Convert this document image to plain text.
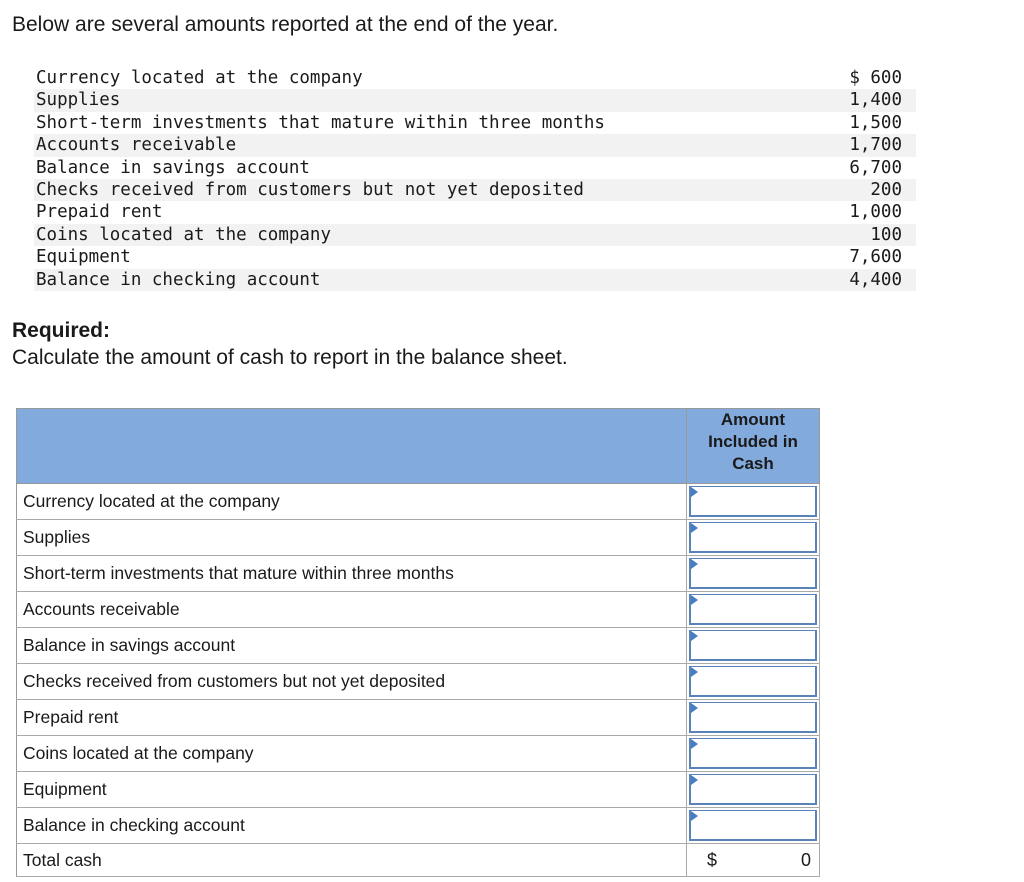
Below are several amounts reported at the end of the year.
Currency located at the company	$ 600
Supplies	1,400
Short-term investments that mature within three months	1,500
Accounts receivable	1,700
Balance in savings account	6,700
Checks received from customers but not yet deposited	200
Prepaid rent	1,000
Coins located at the company	100
Equipment	7,600
Balance in checking account	4,400
Required:
Calculate the amount of cash to report in the balance sheet.
	Amount Included in Cash
Currency located at the company	

Supplies	

Short-term investments that mature within three months	

Accounts receivable	

Balance in savings account	

Checks received from customers but not yet deposited	

Prepaid rent	

Coins located at the company	

Equipment	

Balance in checking account	

Total cash	$ 0
